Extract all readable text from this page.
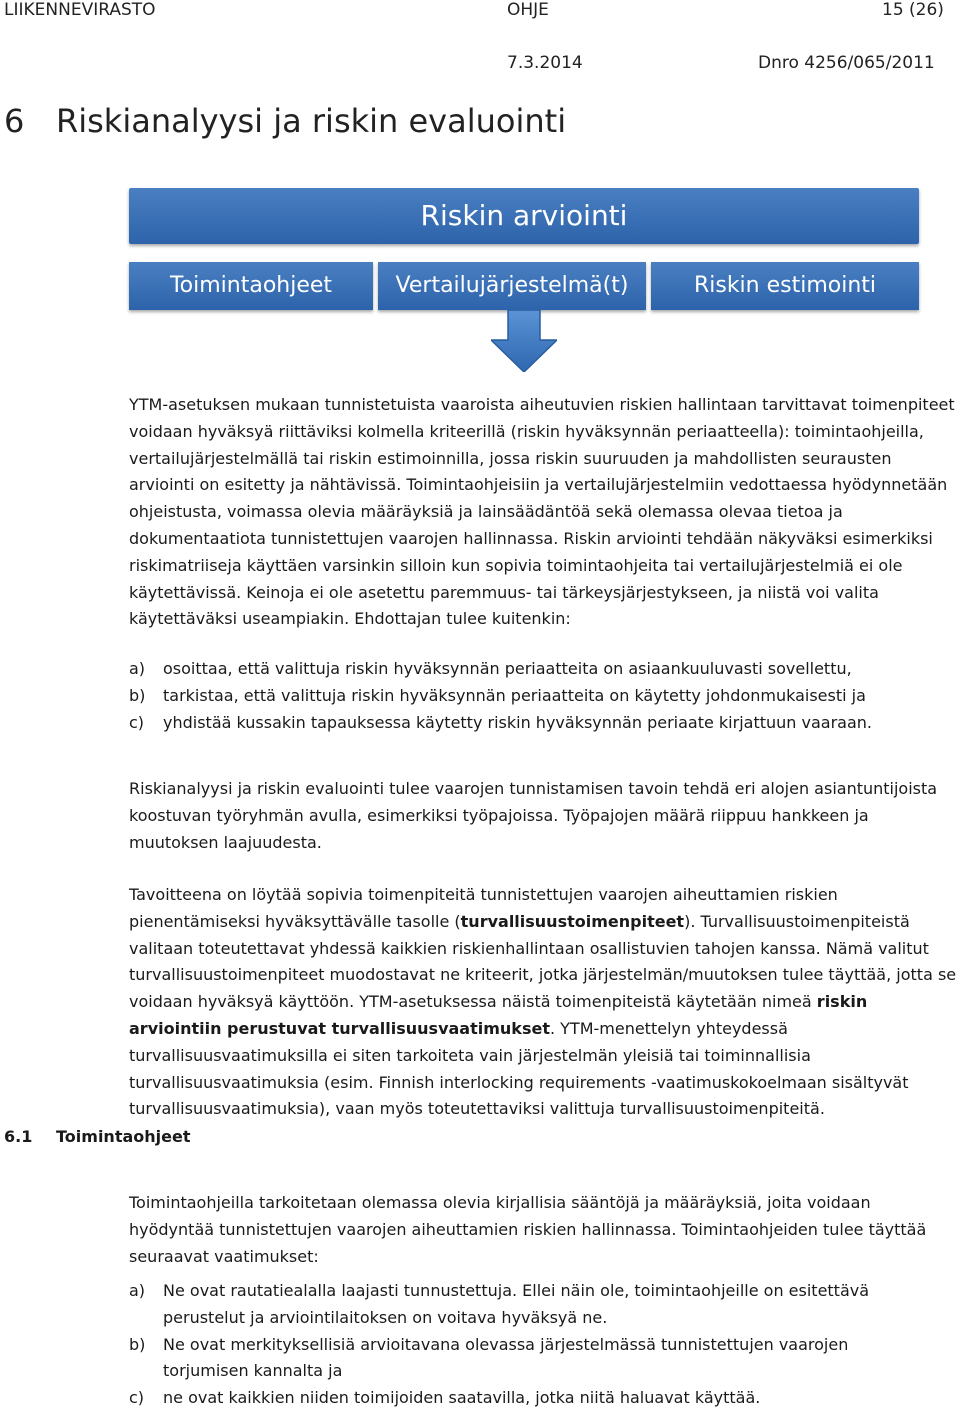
LIIKENNEVIRASTO	OHJE	15 (26)
7.3.2014	Dnro 4256/065/2011
6 Riskianalyysi ja riskin evaluointi
Riskin arviointi
Toimintaohjeet	Vertailujärjestelmä(t)	Riskin estimointi

YTM-asetuksen mukaan tunnistetuista vaaroista aiheutuvien riskien hallintaan tarvittavat toimenpiteet voidaan hyväksyä riittäviksi kolmella kriteerillä (riskin hyväksynnän periaatteella): toimintaohjeilla, vertailujärjestelmällä tai riskin estimoinnilla, jossa riskin suuruuden ja mahdollisten seurausten arviointi on esitetty ja nähtävissä. Toimintaohjeisiin ja vertailujärjestelmiin vedottaessa hyödynnetään ohjeistusta, voimassa olevia määräyksiä ja lainsäädäntöä sekä olemassa olevaa tietoa ja dokumentaatiota tunnistettujen vaarojen hallinnassa. Riskin arviointi tehdään näkyväksi esimerkiksi riskimatriiseja käyttäen varsinkin silloin kun sopivia toimintaohjeita tai vertailujärjestelmiä ei ole käytettävissä. Keinoja ei ole asetettu paremmuus- tai tärkeysjärjestykseen, ja niistä voi valita käytettäväksi useampiakin. Ehdottajan tulee kuitenkin:

a) osoittaa, että valittuja riskin hyväksynnän periaatteita on asiaankuuluvasti sovellettu,
b) tarkistaa, että valittuja riskin hyväksynnän periaatteita on käytetty johdonmukaisesti ja
c) yhdistää kussakin tapauksessa käytetty riskin hyväksynnän periaate kirjattuun vaaraan.

Riskianalyysi ja riskin evaluointi tulee vaarojen tunnistamisen tavoin tehdä eri alojen asiantuntijoista koostuvan työryhmän avulla, esimerkiksi työpajoissa. Työpajojen määrä riippuu hankkeen ja muutoksen laajuudesta.

Tavoitteena on löytää sopivia toimenpiteitä tunnistettujen vaarojen aiheuttamien riskien pienentämiseksi hyväksyttävälle tasolle (turvallisuustoimenpiteet). Turvallisuustoimenpiteistä valitaan toteutettavat yhdessä kaikkien riskienhallintaan osallistuvien tahojen kanssa. Nämä valitut turvallisuustoimenpiteet muodostavat ne kriteerit, jotka järjestelmän/muutoksen tulee täyttää, jotta se voidaan hyväksyä käyttöön. YTM-asetuksessa näistä toimenpiteistä käytetään nimeä riskin arviointiin perustuvat turvallisuusvaatimukset. YTM-menettelyn yhteydessä turvallisuusvaatimuksilla ei siten tarkoiteta vain järjestelmän yleisiä tai toiminnallisia turvallisuusvaatimuksia (esim. Finnish interlocking requirements -vaatimuskokoelmaan sisältyvät turvallisuusvaatimuksia), vaan myös toteutettaviksi valittuja turvallisuustoimenpiteitä.

6.1 Toimintaohjeet

Toimintaohjeilla tarkoitetaan olemassa olevia kirjallisia sääntöjä ja määräyksiä, joita voidaan hyödyntää tunnistettujen vaarojen aiheuttamien riskien hallinnassa. Toimintaohjeiden tulee täyttää seuraavat vaatimukset:

a) Ne ovat rautatiealalla laajasti tunnustettuja. Ellei näin ole, toimintaohjeille on esitettävä perustelut ja arviointilaitoksen on voitava hyväksyä ne.
b) Ne ovat merkityksellisiä arvioitavana olevassa järjestelmässä tunnistettujen vaarojen torjumisen kannalta ja
c) ne ovat kaikkien niiden toimijoiden saatavilla, jotka niitä haluavat käyttää.
